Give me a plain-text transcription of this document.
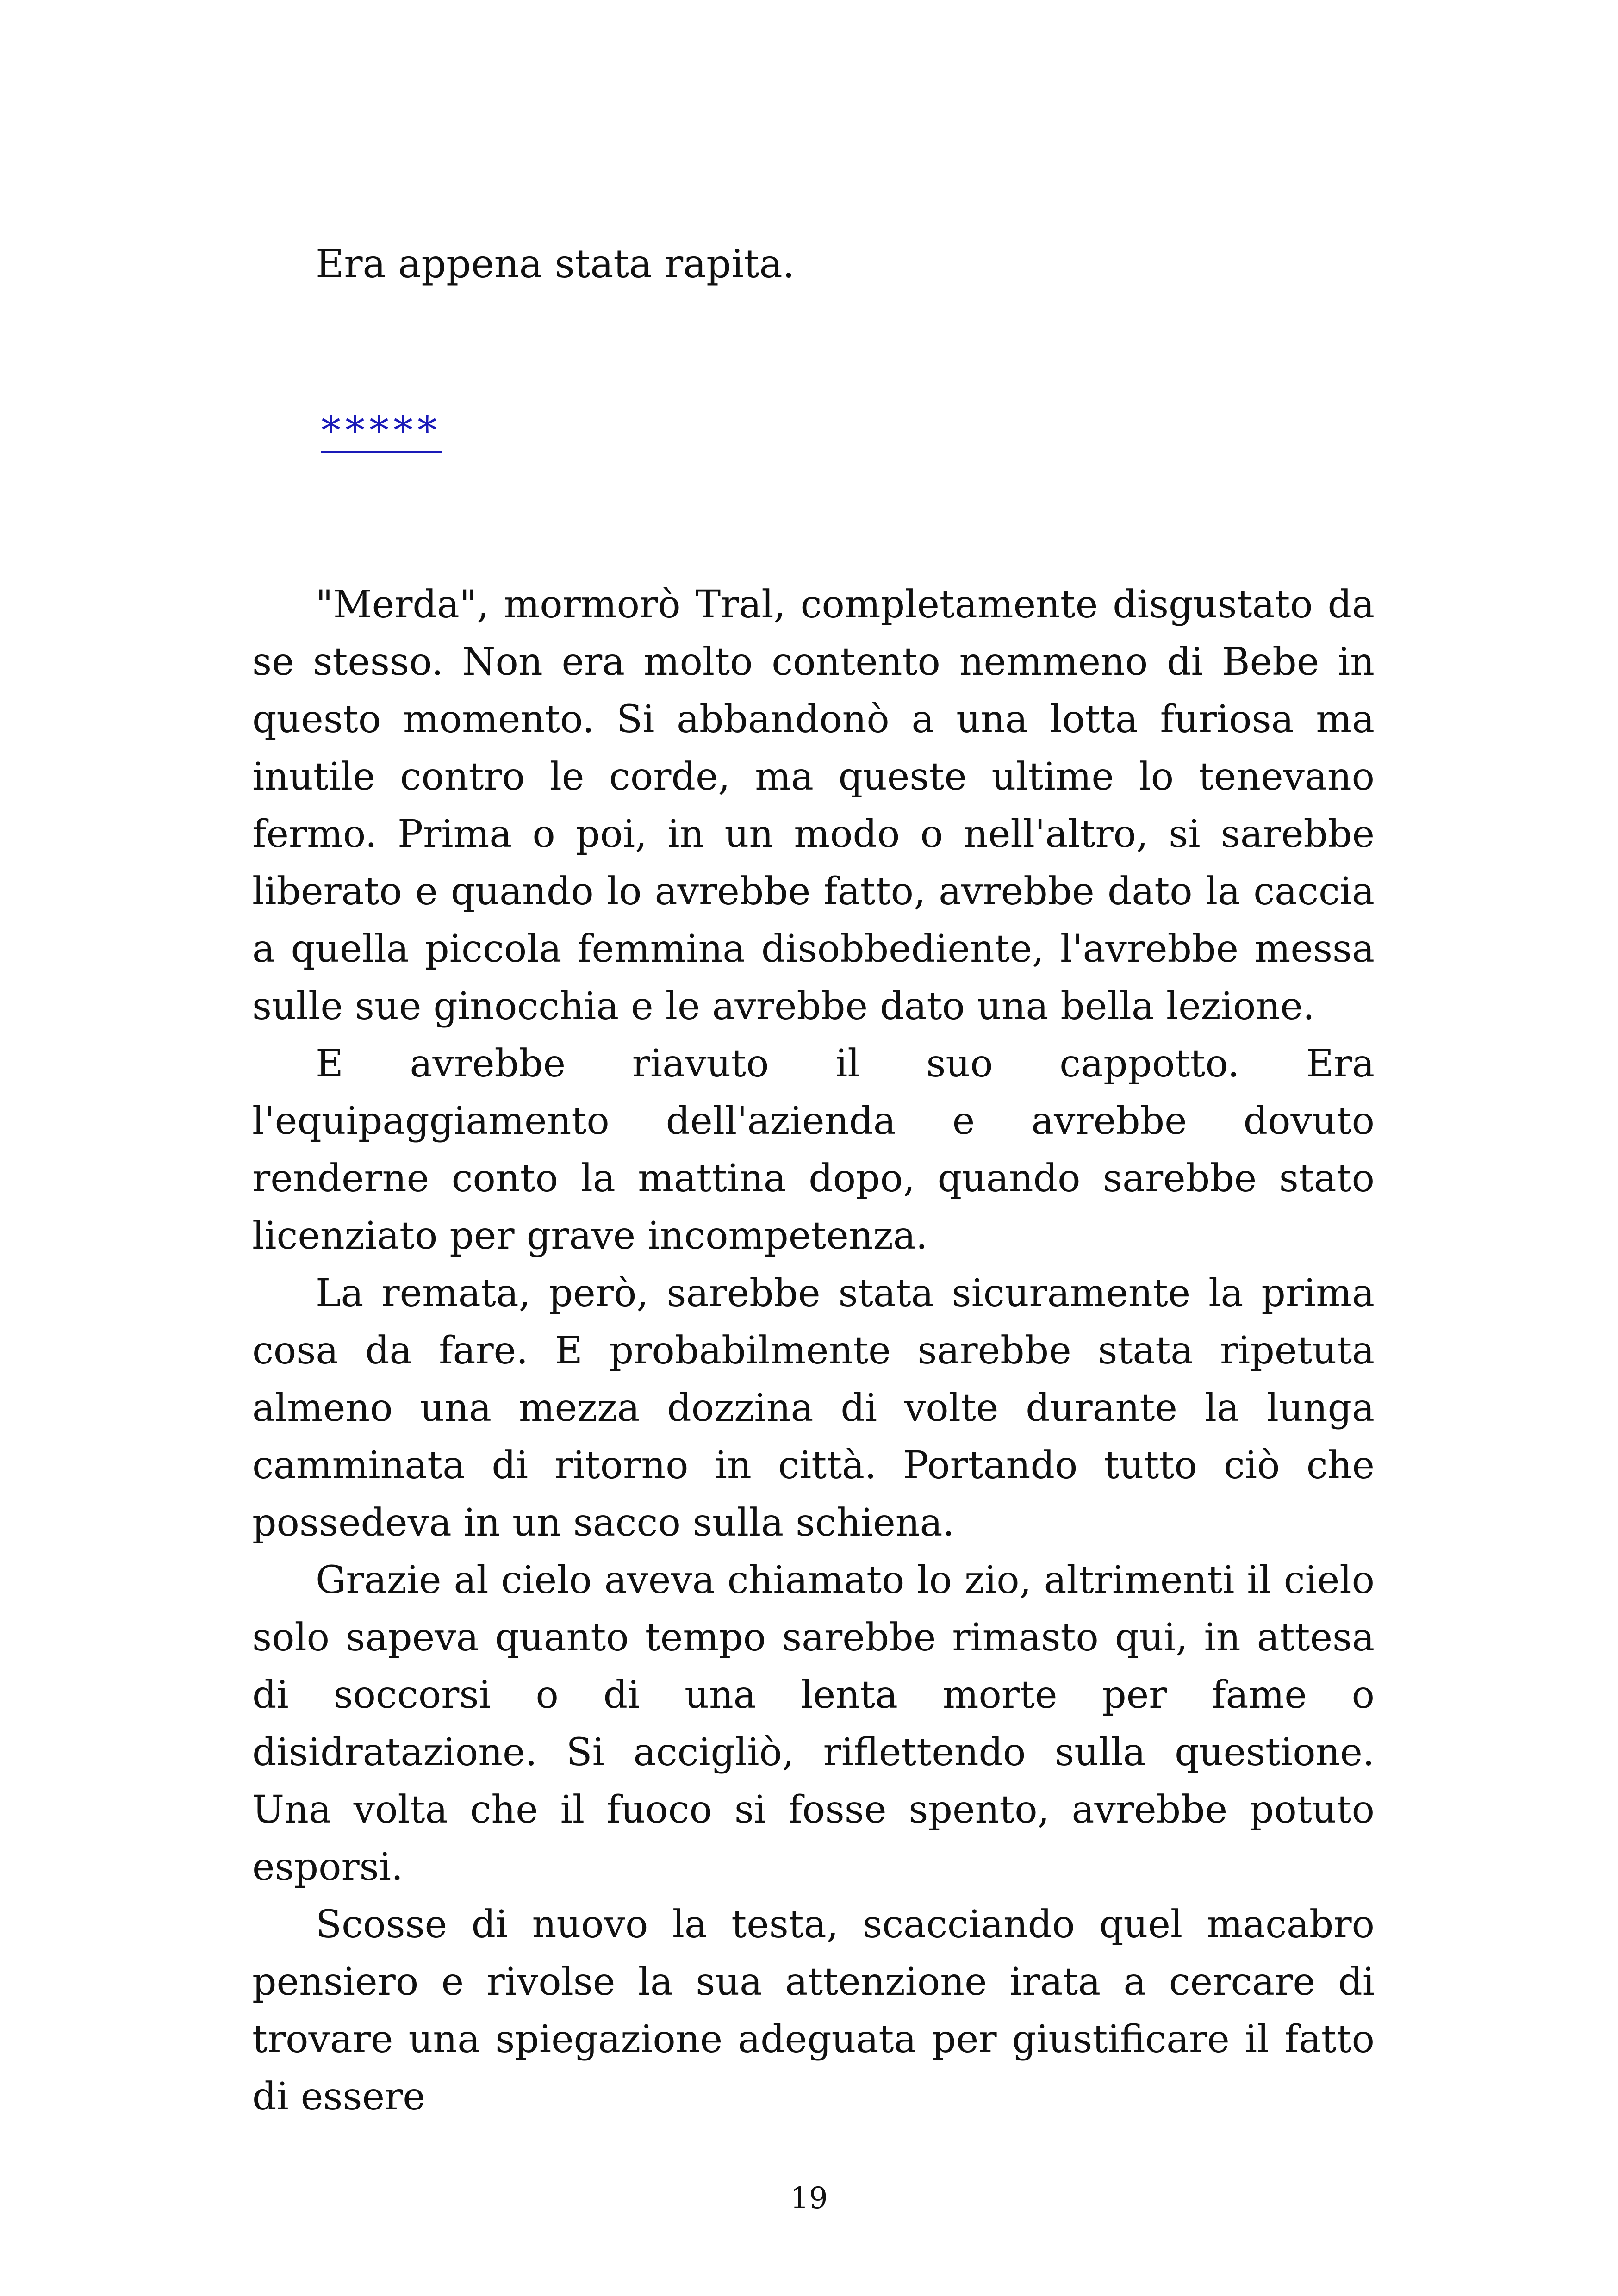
Era appena stata rapita.
*****

"Merda", mormorò Tral, completamente disgustato da se stesso. Non era molto contento nemmeno di Bebe in questo momento. Si abbandonò a una lotta furiosa ma inutile contro le corde, ma queste ultime lo tenevano fermo. Prima o poi, in un modo o nell'altro, si sarebbe liberato e quando lo avrebbe fatto, avrebbe dato la caccia a quella piccola femmina disobbediente, l'avrebbe messa sulle sue ginocchia e le avrebbe dato una bella lezione.

E avrebbe riavuto il suo cappotto. Era l'equipaggiamento dell'azienda e avrebbe dovuto renderne conto la mattina dopo, quando sarebbe stato licenziato per grave incompetenza.

La remata, però, sarebbe stata sicuramente la prima cosa da fare. E probabilmente sarebbe stata ripetuta almeno una mezza dozzina di volte durante la lunga camminata di ritorno in città. Portando tutto ciò che possedeva in un sacco sulla schiena.

Grazie al cielo aveva chiamato lo zio, altrimenti il cielo solo sapeva quanto tempo sarebbe rimasto qui, in attesa di soccorsi o di una lenta morte per fame o disidratazione. Si accigliò, riflettendo sulla questione. Una volta che il fuoco si fosse spento, avrebbe potuto esporsi.

Scosse di nuovo la testa, scacciando quel macabro pensiero e rivolse la sua attenzione irata a cercare di trovare una spiegazione adeguata per giustificare il fatto di essere

19
